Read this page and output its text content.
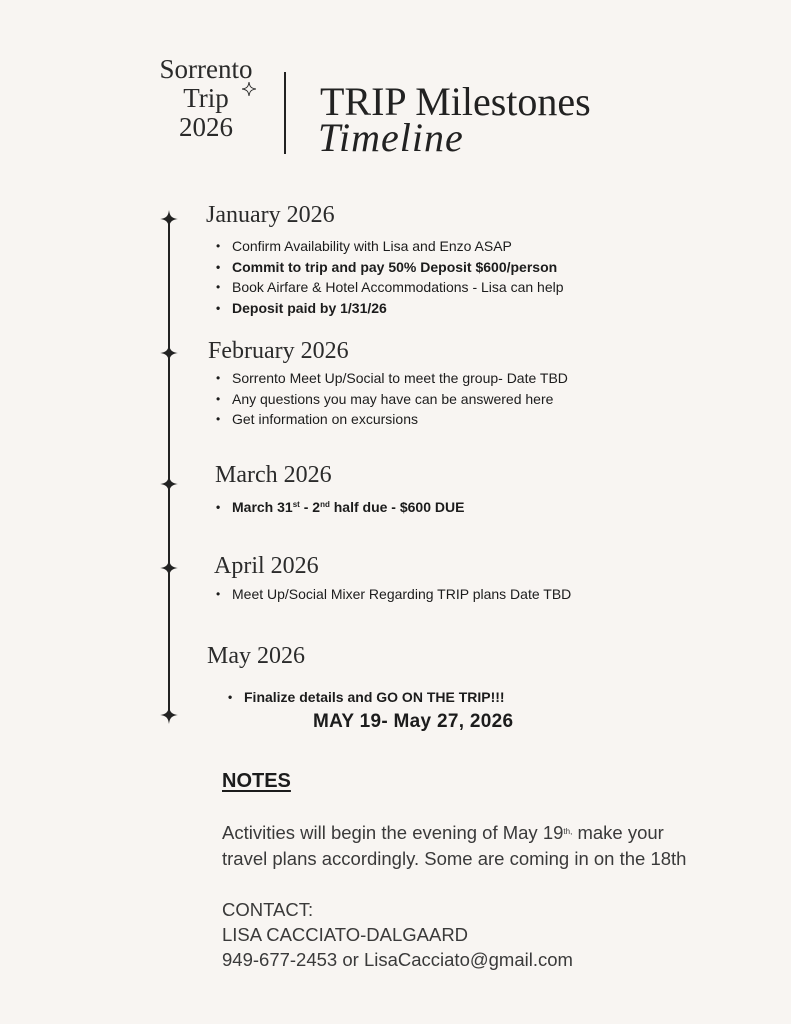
Sorrento
Trip
2026
TRIP Milestones
Timeline
January 2026
• Confirm Availability with Lisa and Enzo ASAP
• Commit to trip and pay 50% Deposit $600/person
• Book Airfare & Hotel Accommodations - Lisa can help
• Deposit paid by 1/31/26
February 2026
• Sorrento Meet Up/Social to meet the group- Date TBD
• Any questions you may have can be answered here
• Get information on excursions
March 2026
• March 31st - 2nd half due - $600 DUE
April 2026
• Meet Up/Social Mixer Regarding TRIP plans Date TBD
May 2026
• Finalize details and GO ON THE TRIP!!!
MAY 19- May 27, 2026
NOTES
Activities will begin the evening of May $19^{th,}$ make your
travel plans accordingly. Some are coming in on the 18th
CONTACT:
LISA CACCIATO-DALGAARD
949-677-2453 or LisaCacciato@gmail.com
